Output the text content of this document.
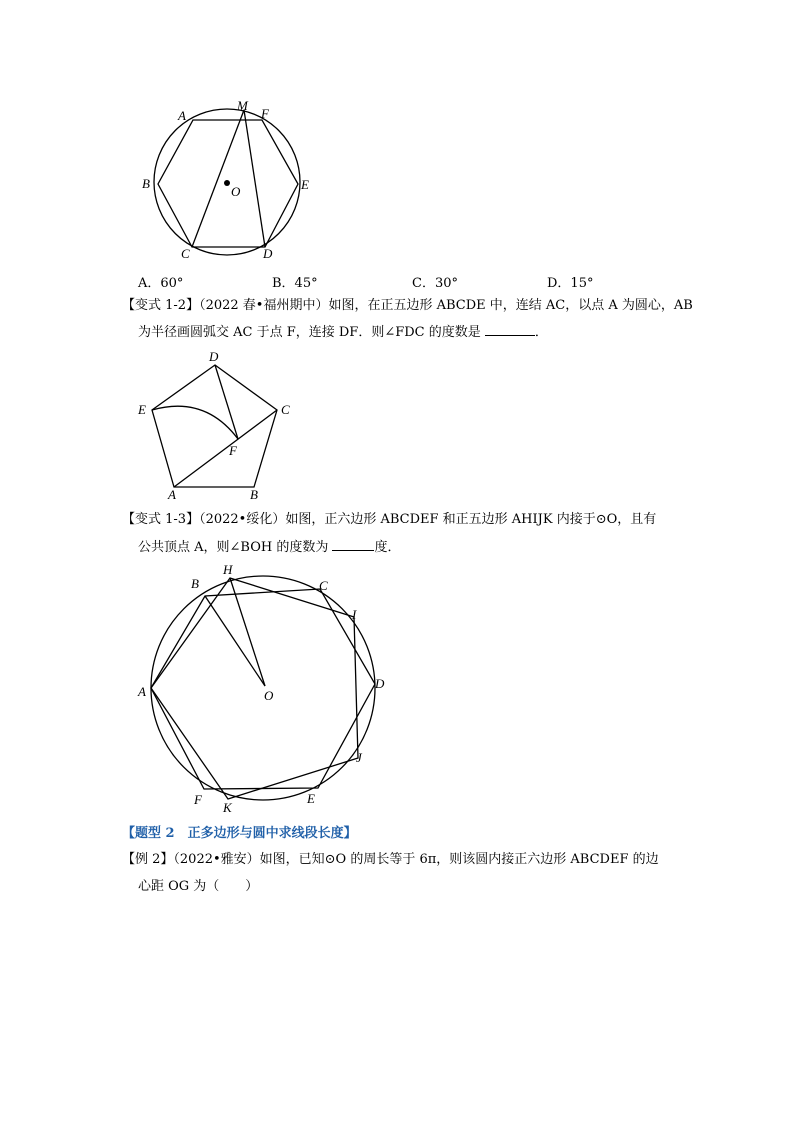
A
M
F
B
O	E
C	D
A．60°	B．45°	C．30°	D．15°
【变式 1-2】（2022 春•福州期中）如图，在正五边形 ABCDE 中，连结 AC，以点 A 为圆心，AB
为半径画圆弧交 AC 于点 F，连接 DF．则∠FDC 的度数是	．
D
E	C
F
A	B
【变式 1-3】（2022•绥化）如图，正六边形 ABCDEF 和正五边形 AHIJK 内接于⊙O，且有
公共顶点 A，则∠BOH 的度数为	度．
B
H
C
I
A	O
D
J
F
K
E
【题型 2　正多边形与圆中求线段长度】
【例 2】（2022•雅安）如图，已知⊙O 的周长等于 6π，则该圆内接正六边形 ABCDEF 的边
心距 OG 为（　　）
